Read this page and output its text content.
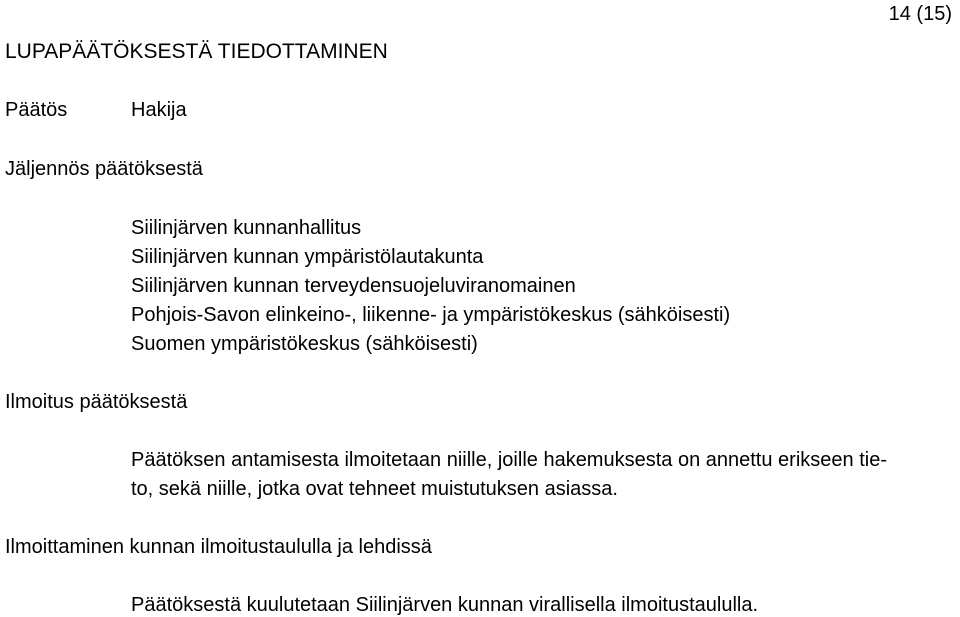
14 (15)
LUPAPÄÄTÖKSESTÄ TIEDOTTAMINEN
Päätös	Hakija
Jäljennös päätöksestä
Siilinjärven kunnanhallitus
Siilinjärven kunnan ympäristölautakunta
Siilinjärven kunnan terveydensuojeluviranomainen
Pohjois-Savon elinkeino-, liikenne- ja ympäristökeskus (sähköisesti)
Suomen ympäristökeskus (sähköisesti)
Ilmoitus päätöksestä
Päätöksen antamisesta ilmoitetaan niille, joille hakemuksesta on annettu erikseen tie-
to, sekä niille, jotka ovat tehneet muistutuksen asiassa.
Ilmoittaminen kunnan ilmoitustaululla ja lehdissä
Päätöksestä kuulutetaan Siilinjärven kunnan virallisella ilmoitustaululla.
